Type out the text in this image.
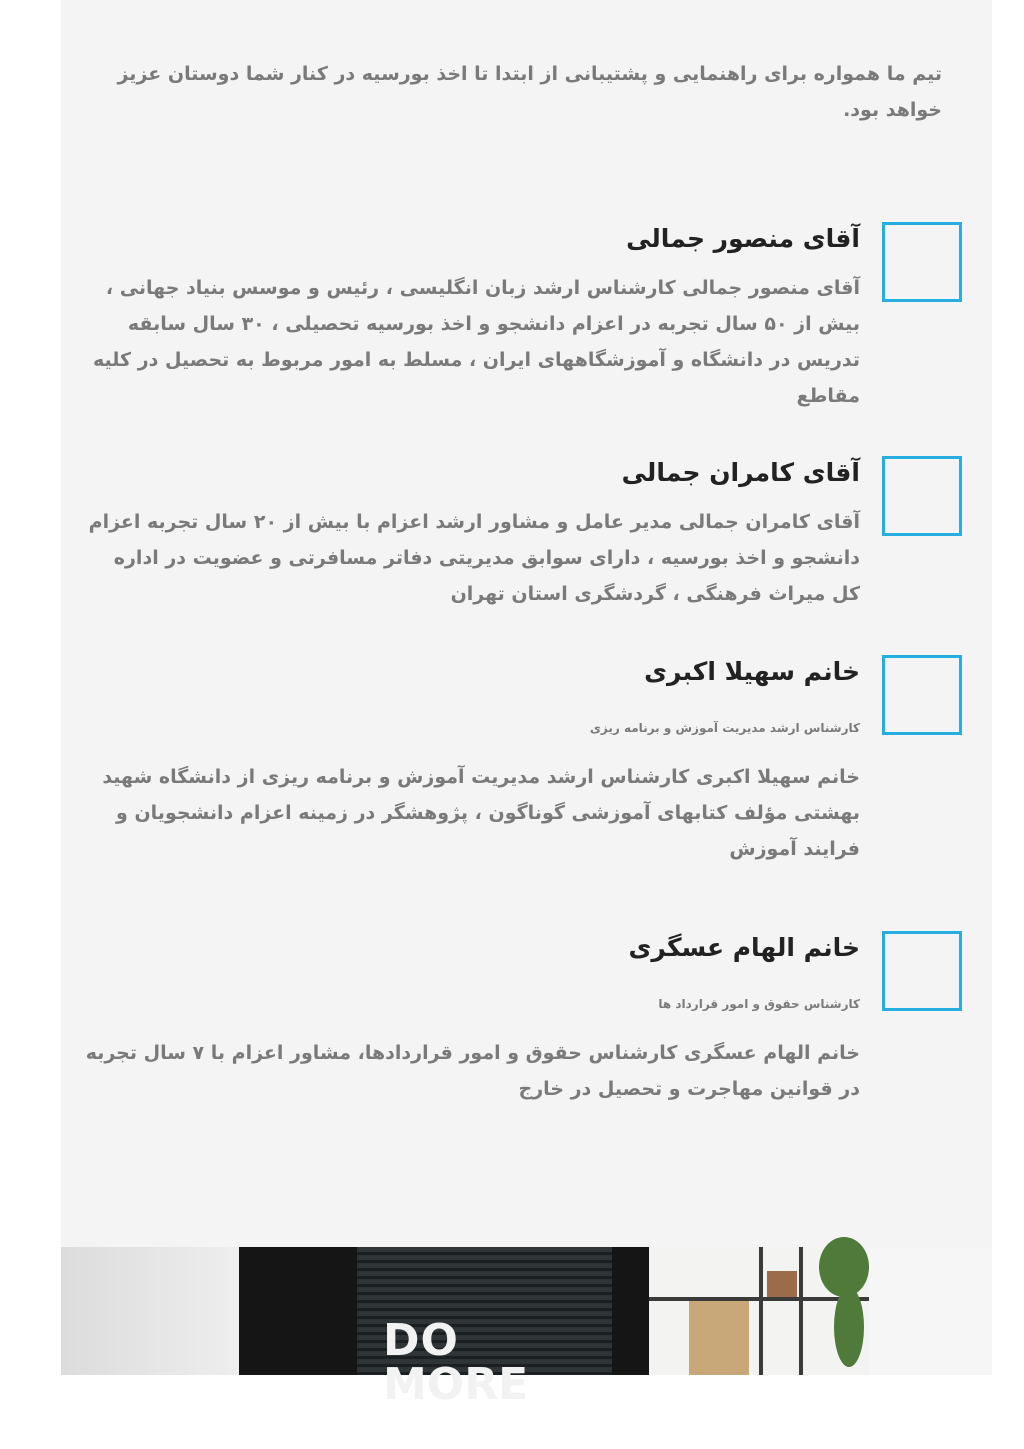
تیم ما همواره برای راهنمایی و پشتیبانی از ابتدا تا اخذ بورسیه در کنار شما دوستان عزیز خواهد بود.
آقای منصور جمالی

آقای منصور جمالی کارشناس ارشد زبان انگلیسی ، رئیس و موسس بنیاد جهانی ، بیش از ۵۰ سال تجربه در اعزام دانشجو و اخذ بورسیه تحصیلی ، ۳۰ سال سابقه تدریس در دانشگاه و آموزشگاههای ایران ، مسلط به امور مربوط به تحصیل در کلیه مقاطع

آقای کامران جمالی

آقای کامران جمالی مدیر عامل و مشاور ارشد اعزام با بیش از ۲۰ سال تجربه اعزام دانشجو و اخذ بورسیه ، دارای سوابق مدیریتی دفاتر مسافرتی و عضویت در اداره کل میراث فرهنگی ، گردشگری استان تهران

خانم سهیلا اکبری

کارشناس ارشد مدیریت آموزش و برنامه ریزی

خانم سهیلا اکبری کارشناس ارشد مدیریت آموزش و برنامه ریزی از دانشگاه شهید بهشتی مؤلف کتابهای آموزشی گوناگون ، پژوهشگر در زمینه اعزام دانشجویان و فرایند آموزش

خانم الهام عسگری

کارشناس حقوق و امور قرارداد ها

خانم الهام عسگری کارشناس حقوق و امور قراردادها، مشاور اعزام با ۷ سال تجربه در قوانین مهاجرت و تحصیل در خارج

DO
MORE
